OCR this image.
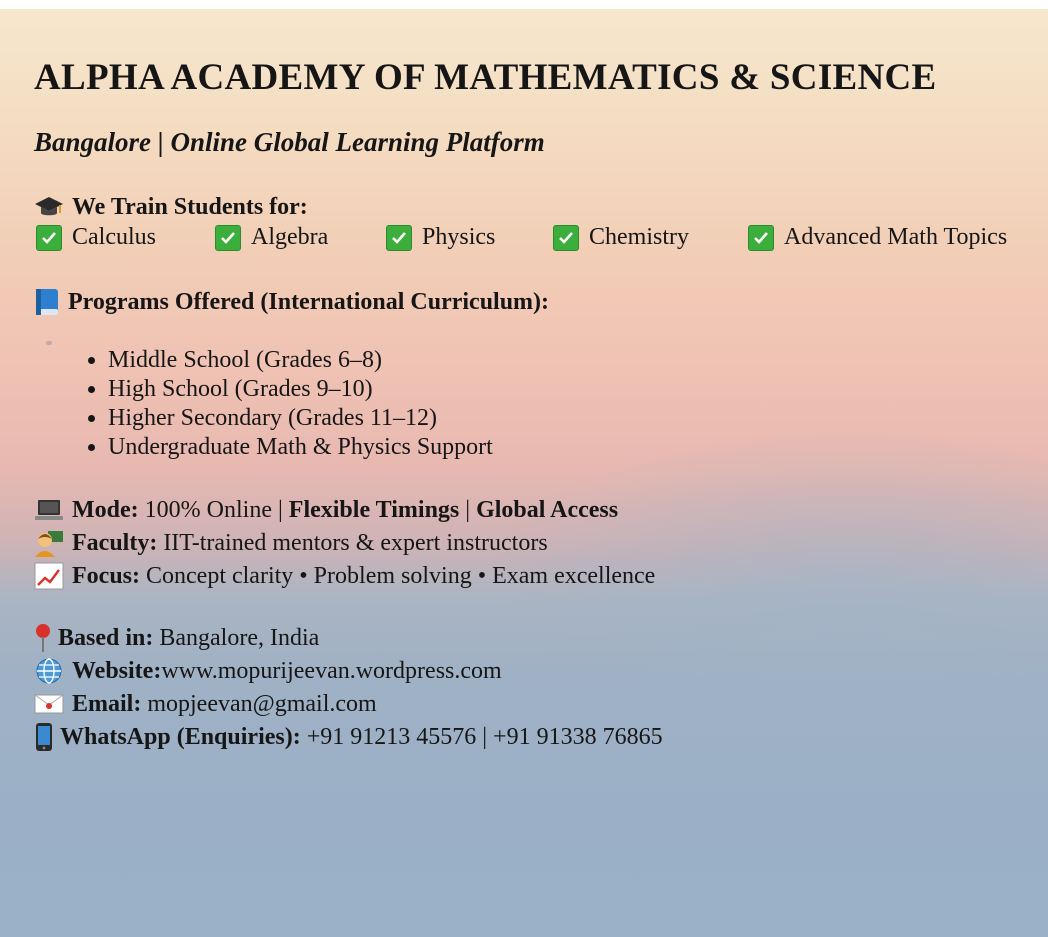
ALPHA ACADEMY OF MATHEMATICS & SCIENCE
Bangalore | Online Global Learning Platform
We Train Students for:
Calculus	Algebra	Physics	Chemistry	Advanced Math Topics
Programs Offered (International Curriculum):
• Middle School (Grades 6–8)
• High School (Grades 9–10)
• Higher Secondary (Grades 11–12)
• Undergraduate Math & Physics Support
Mode: 100% Online | Flexible Timings | Global Access
Faculty: IIT-trained mentors & expert instructors
Focus: Concept clarity • Problem solving • Exam excellence
Based in: Bangalore, India
Website: www.mopurijeevan.wordpress.com
Email: mopjeevan@gmail.com
WhatsApp (Enquiries): +91 91213 45576 | +91 91338 76865
